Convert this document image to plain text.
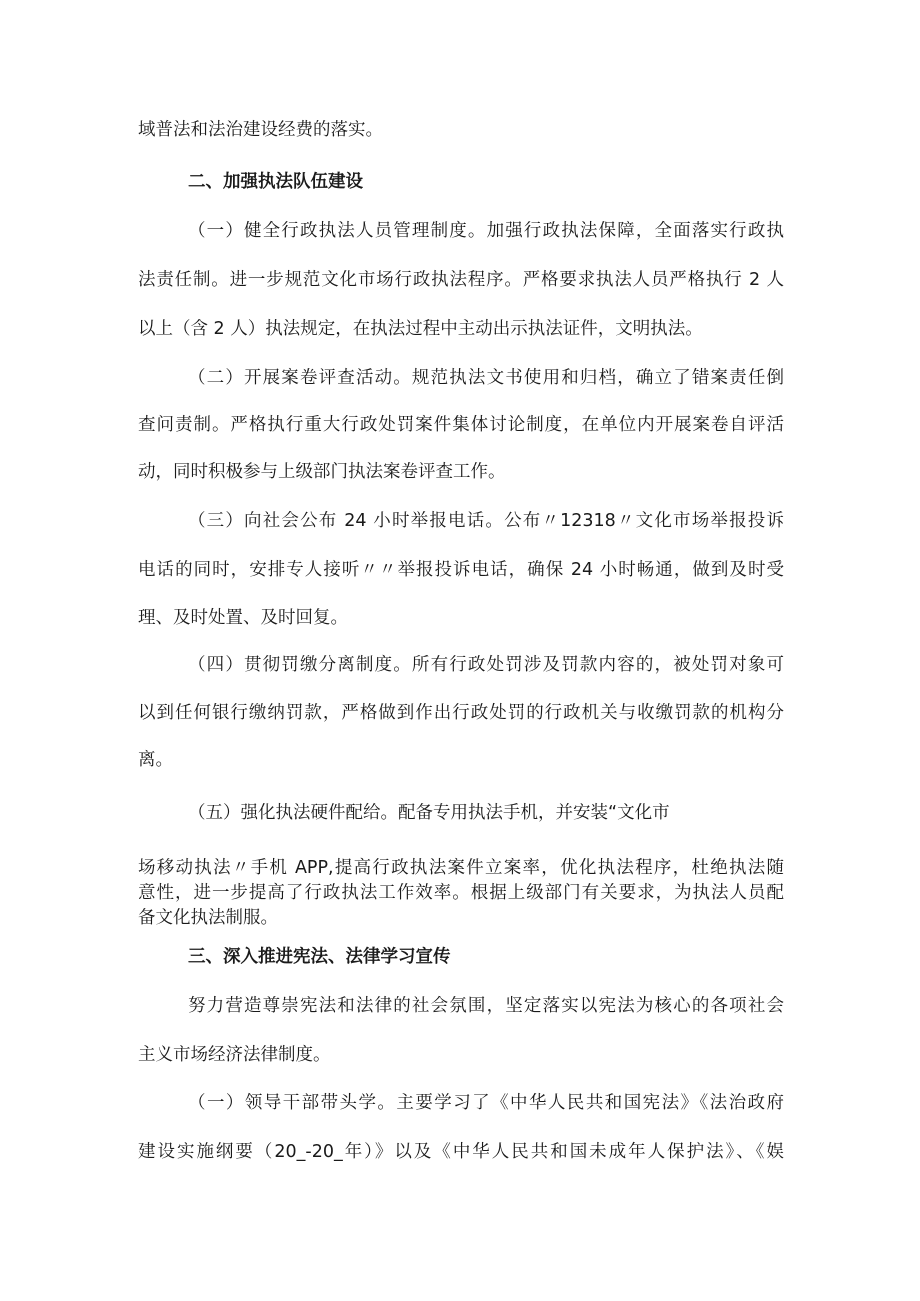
域普法和法治建设经费的落实。

二、加强执法队伍建设

（一）健全行政执法人员管理制度。加强行政执法保障，全面落实行政执

法责任制。进一步规范文化市场行政执法程序。严格要求执法人员严格执行 2 人

以上（含 2 人）执法规定，在执法过程中主动出示执法证件，文明执法。

（二）开展案卷评查活动。规范执法文书使用和归档，确立了错案责任倒

查问责制。严格执行重大行政处罚案件集体讨论制度，在单位内开展案卷自评活

动，同时积极参与上级部门执法案卷评查工作。

（三）向社会公布 24 小时举报电话。公布〃12318〃文化市场举报投诉

电话的同时，安排专人接听〃〃举报投诉电话，确保 24 小时畅通，做到及时受

理、及时处置、及时回复。

（四）贯彻罚缴分离制度。所有行政处罚涉及罚款内容的，被处罚对象可

以到任何银行缴纳罚款，严格做到作出行政处罚的行政机关与收缴罚款的机构分

离。

（五）强化执法硬件配给。配备专用执法手机，并安装“文化市

场移动执法〃手机 APP,提高行政执法案件立案率，优化执法程序，杜绝执法随

意性，进一步提高了行政执法工作效率。根据上级部门有关要求，为执法人员配

备文化执法制服。

三、深入推进宪法、法律学习宣传

努力营造尊崇宪法和法律的社会氛围，坚定落实以宪法为核心的各项社会

主义市场经济法律制度。

（一）领导干部带头学。主要学习了《中华人民共和国宪法》《法治政府

建设实施纲要（20_-20_年）》以及《中华人民共和国未成年人保护法》、《娱
